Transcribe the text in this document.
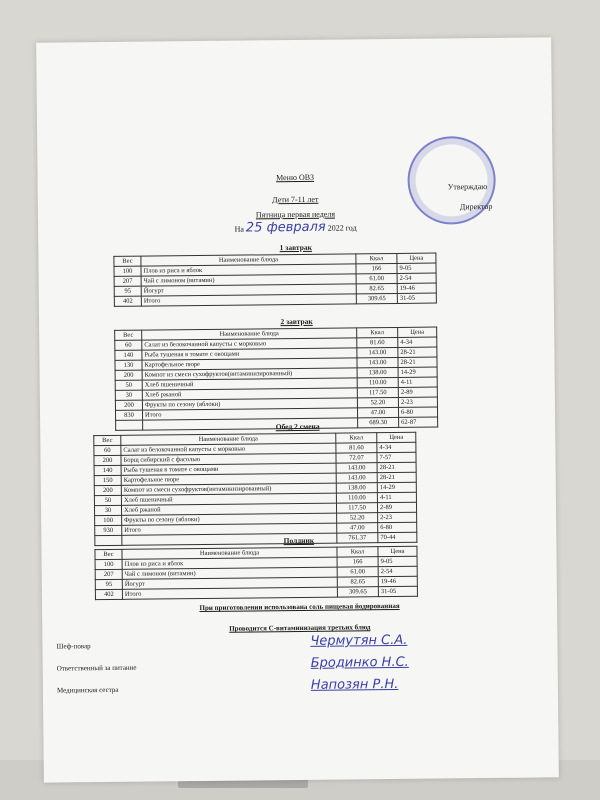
Утверждаю
Директор
Меню ОВЗ
Дети 7-11 лет
Пятница первая неделя
На 25 февраля 2022 год
1 завтрак
Вес	Наименование блюда	Ккал	Цена
100	Плов из риса и яблок	166	9-05
207	Чай с лимоном (витамин)	61.00	2-54
95	Йогурт	82.65	19-46
402	Итого	309.65	31-05
2 завтрак
Вес	Наименование блюда	Ккал	Цена
60	Салат из белокочанной капусты с морковью	81.60	4-34
140	Рыба тушеная в томате с овощами	143.00	28-21
130	Картофельное пюре	143.00	28-21
200	Компот из смеси сухофруктов(витаминизированный)	138.00	14-29
50	Хлеб пшеничный	110.00	4-11
30	Хлеб ржаной	117.50	2-89
200	Фрукты по сезону (яблоки)	52.20	2-23
830	Итого	47.00	6-80
		689.30	62-87
Обед 2 смена
Вес	Наименование блюда	Ккал	Цена
60	Салат из белокочанной капусты с морковью	81.60	4-34
200	Борщ сибирский с фасолью	72.07	7-57
140	Рыба тушеная в томате с овощами	143.00	28-21
150	Картофельное пюре	143.00	28-21
200	Компот из смеси сухофруктов(витаминизированный)	138.00	14-29
50	Хлеб пшеничный	110.00	4-11
30	Хлеб ржаной	117.50	2-89
100	Фрукты по сезону (яблоки)	52.20	2-23
930	Итого	47.00	6-80
		761.37	70-44
Полдник
Вес	Наименование блюда	Ккал	Цена
100	Плов из риса и яблок	166	9-05
207	Чай с лимоном (витамин)	61.00	2-54
95	Йогурт	82.65	19-46
402	Итого	309.65	31-05
При приготовлении использована соль пищевая йодированная
Проводится С-витаминизация третьих блюд
Шеф-повар	Чермутян С.А.
Ответственный за питание	Бродинко Н.С.
Медицинская сестра	Напозян Р.Н.
